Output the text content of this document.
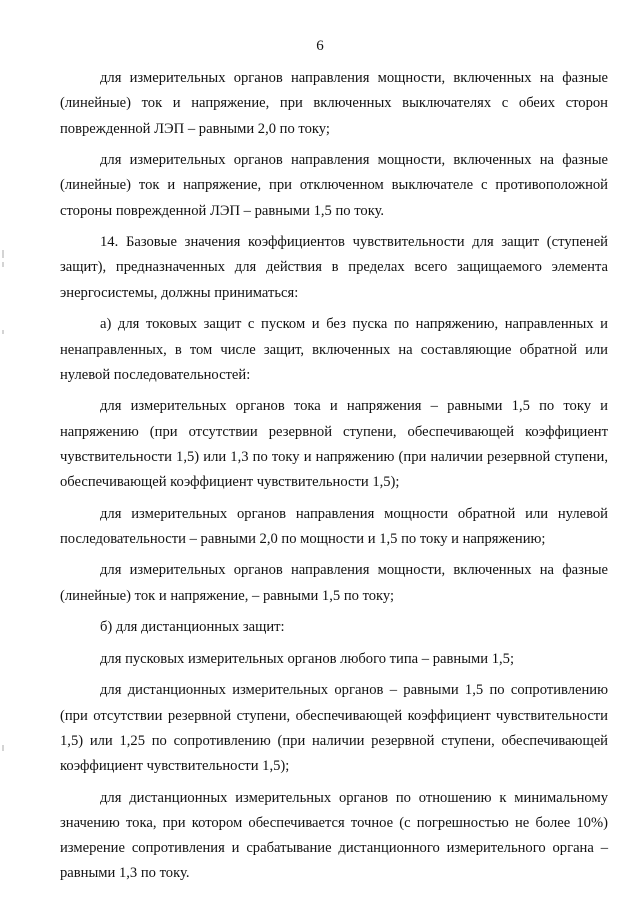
6

для измерительных органов направления мощности, включенных на фазные (линейные) ток и напряжение, при включенных выключателях с обеих сторон поврежденной ЛЭП – равными 2,0 по току;

для измерительных органов направления мощности, включенных на фазные (линейные) ток и напряжение, при отключенном выключателе с противоположной стороны поврежденной ЛЭП – равными 1,5 по току.

14. Базовые значения коэффициентов чувствительности для защит (ступеней защит), предназначенных для действия в пределах всего защищаемого элемента энергосистемы, должны приниматься:

а) для токовых защит с пуском и без пуска по напряжению, направленных и ненаправленных, в том числе защит, включенных на составляющие обратной или нулевой последовательностей:

для измерительных органов тока и напряжения – равными 1,5 по току и напряжению (при отсутствии резервной ступени, обеспечивающей коэффициент чувствительности 1,5) или 1,3 по току и напряжению (при наличии резервной ступени, обеспечивающей коэффициент чувствительности 1,5);

для измерительных органов направления мощности обратной или нулевой последовательности – равными 2,0 по мощности и 1,5 по току и напряжению;

для измерительных органов направления мощности, включенных на фазные (линейные) ток и напряжение, – равными 1,5 по току;

б) для дистанционных защит:

для пусковых измерительных органов любого типа – равными 1,5;

для дистанционных измерительных органов – равными 1,5 по сопротивлению (при отсутствии резервной ступени, обеспечивающей коэффициент чувствительности 1,5) или 1,25 по сопротивлению (при наличии резервной ступени, обеспечивающей коэффициент чувствительности 1,5);

для дистанционных измерительных органов по отношению к минимальному значению тока, при котором обеспечивается точное (с погрешностью не более 10%) измерение сопротивления и срабатывание дистанционного измерительного органа – равными 1,3 по току.
